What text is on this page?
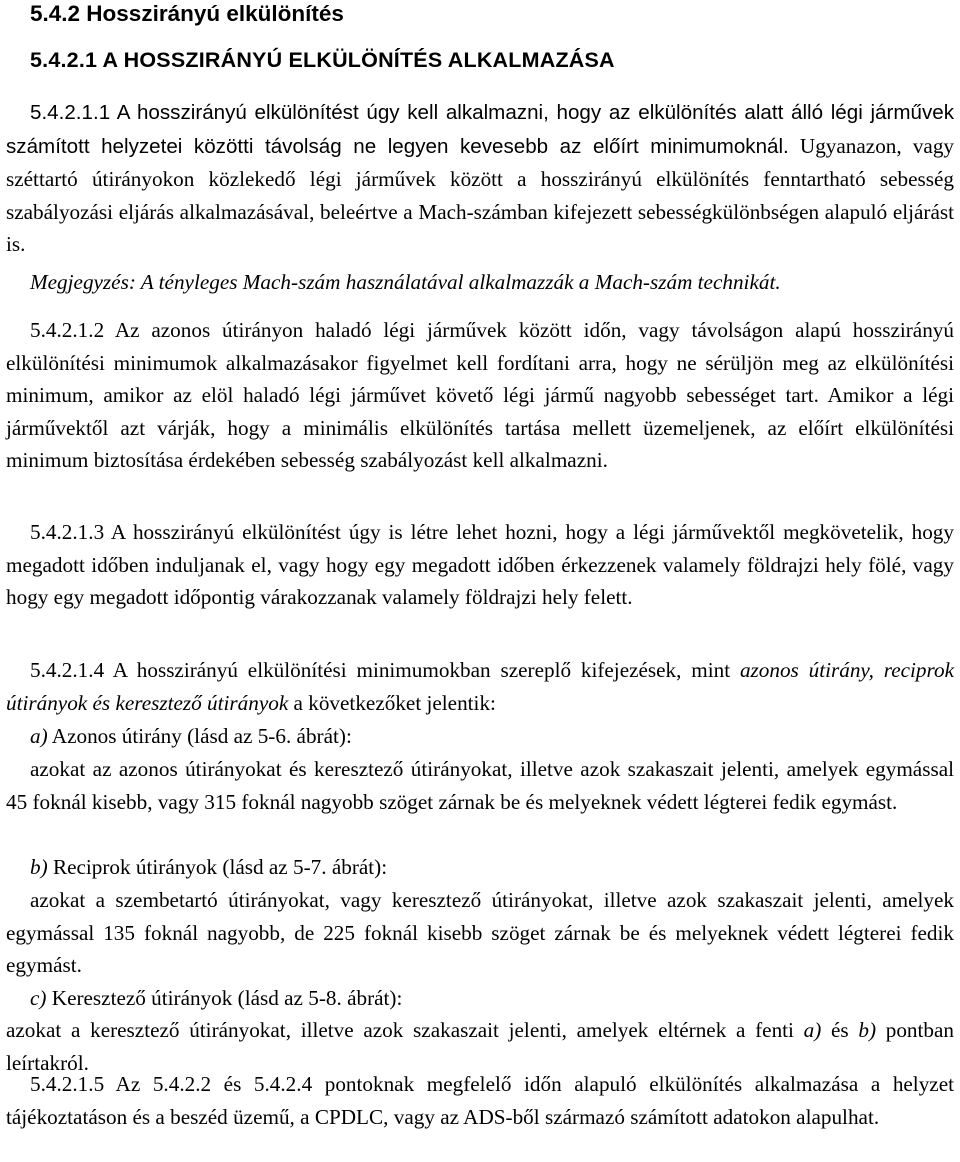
5.4.2 Hosszirányú elkülönítés
5.4.2.1 A HOSSZIRÁNYÚ ELKÜLÖNÍTÉS ALKALMAZÁSA

5.4.2.1.1 A hosszirányú elkülönítést úgy kell alkalmazni, hogy az elkülönítés alatt álló légi járművek számított helyzetei közötti távolság ne legyen kevesebb az előírt minimumoknál. Ugyanazon, vagy széttartó útirányokon közlekedő légi járművek között a hosszirányú elkülönítés fenntartható sebesség szabályozási eljárás alkalmazásával, beleértve a Mach-számban kifejezett sebességkülönbségen alapuló eljárást is.

Megjegyzés: A tényleges Mach-szám használatával alkalmazzák a Mach-szám technikát.

5.4.2.1.2 Az azonos útirányon haladó légi járművek között időn, vagy távolságon alapú hosszirányú elkülönítési minimumok alkalmazásakor figyelmet kell fordítani arra, hogy ne sérüljön meg az elkülönítési minimum, amikor az elöl haladó légi járművet követő légi jármű nagyobb sebességet tart. Amikor a légi járművektől azt várják, hogy a minimális elkülönítés tartása mellett üzemeljenek, az előírt elkülönítési minimum biztosítása érdekében sebesség szabályozást kell alkalmazni.

5.4.2.1.3 A hosszirányú elkülönítést úgy is létre lehet hozni, hogy a légi járművektől megkövetelik, hogy megadott időben induljanak el, vagy hogy egy megadott időben érkezzenek valamely földrajzi hely fölé, vagy hogy egy megadott időpontig várakozzanak valamely földrajzi hely felett.

5.4.2.1.4 A hosszirányú elkülönítési minimumokban szereplő kifejezések, mint azonos útirány, reciprok útirányok és keresztező útirányok a következőket jelentik:

a) Azonos útirány (lásd az 5-6. ábrát):

azokat az azonos útirányokat és keresztező útirányokat, illetve azok szakaszait jelenti, amelyek egymással 45 foknál kisebb, vagy 315 foknál nagyobb szöget zárnak be és melyeknek védett légterei fedik egymást.

b) Reciprok útirányok (lásd az 5-7. ábrát):

azokat a szembetartó útirányokat, vagy keresztező útirányokat, illetve azok szakaszait jelenti, amelyek egymással 135 foknál nagyobb, de 225 foknál kisebb szöget zárnak be és melyeknek védett légterei fedik egymást.

c) Keresztező útirányok (lásd az 5-8. ábrát):

azokat a keresztező útirányokat, illetve azok szakaszait jelenti, amelyek eltérnek a fenti a) és b) pontban leírtakról.

5.4.2.1.5 Az 5.4.2.2 és 5.4.2.4 pontoknak megfelelő időn alapuló elkülönítés alkalmazása a helyzet tájékoztatáson és a beszéd üzemű, a CPDLC, vagy az ADS-ből származó számított adatokon alapulhat.
